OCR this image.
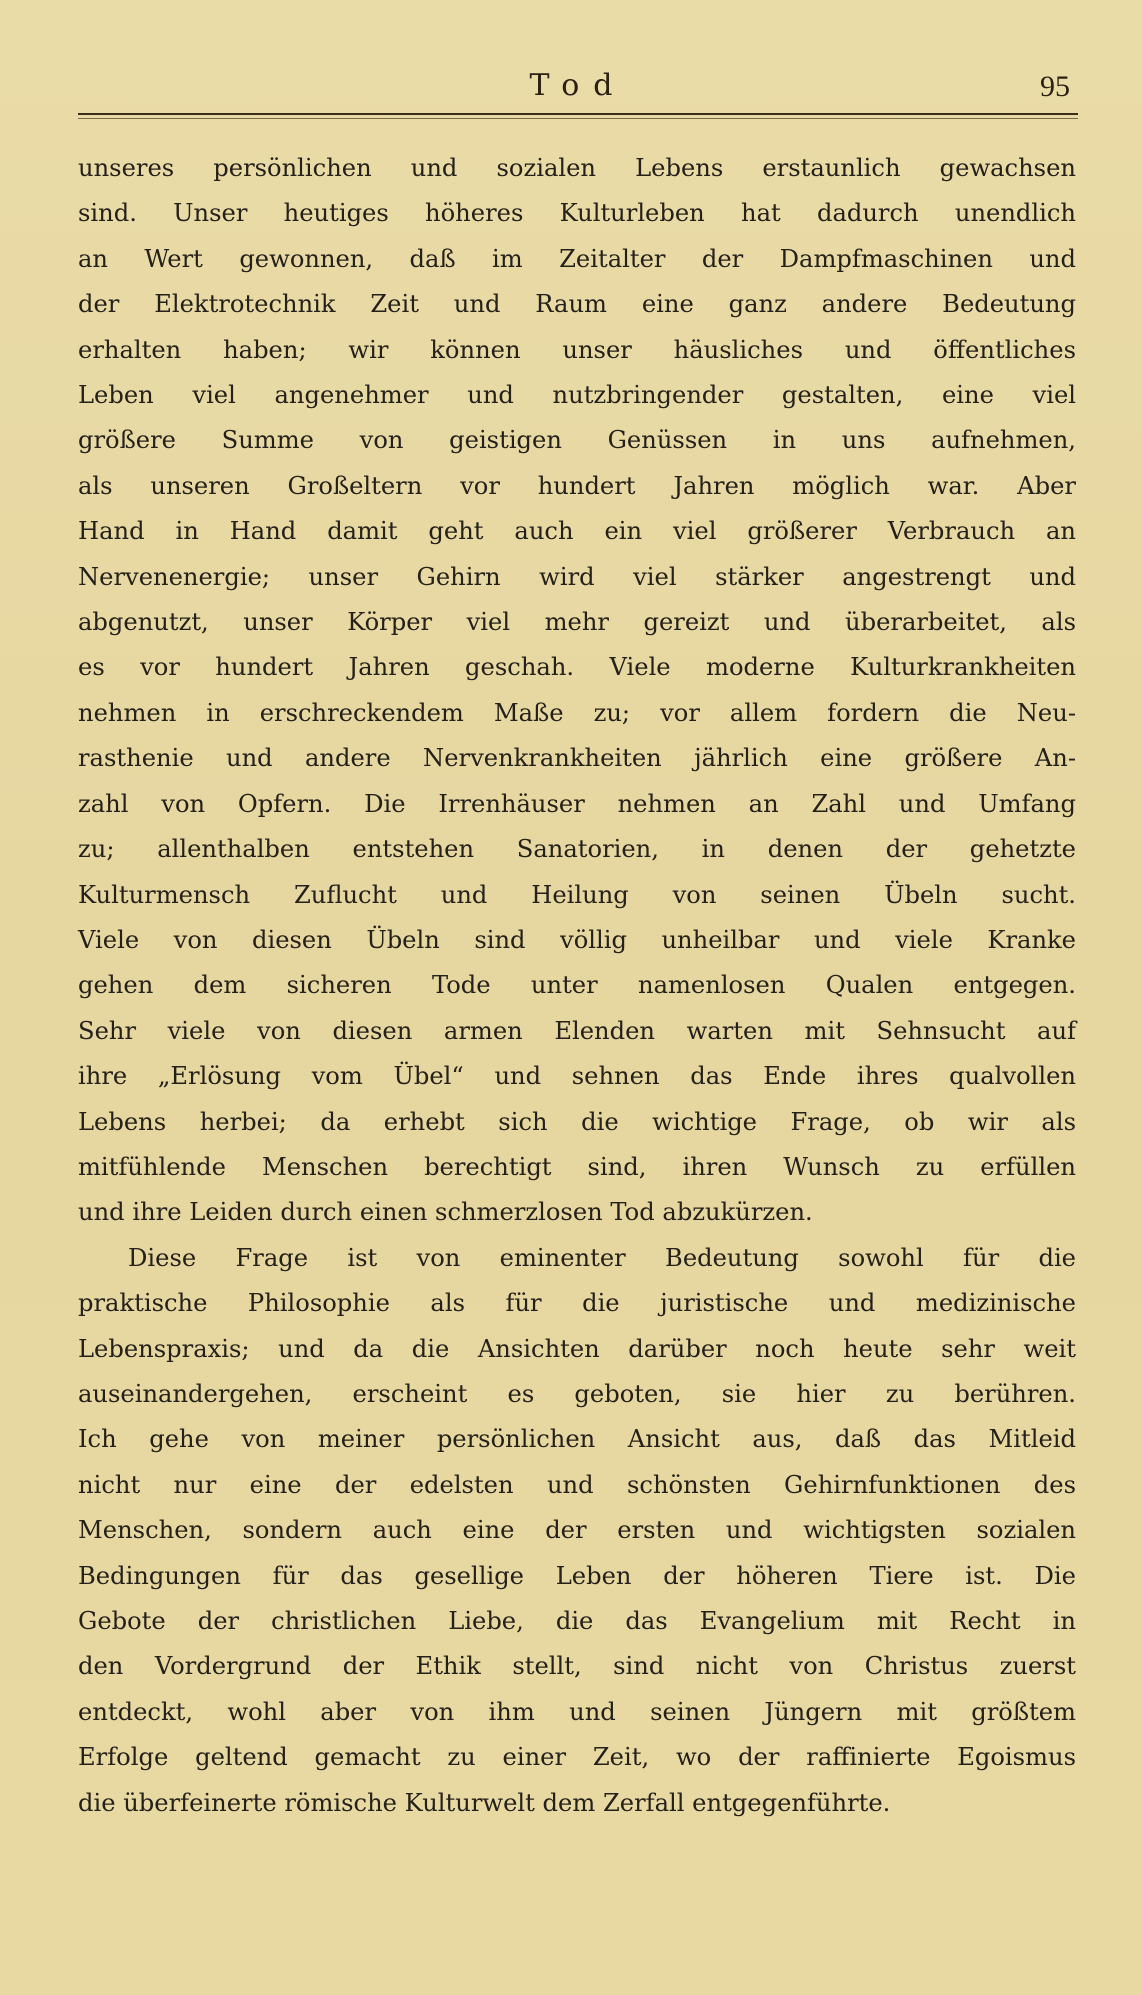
Tod	95
unseres persönlichen und sozialen Lebens erstaunlich gewachsen
sind. Unser heutiges höheres Kulturleben hat dadurch unendlich
an Wert gewonnen, daß im Zeitalter der Dampfmaschinen und
der Elektrotechnik Zeit und Raum eine ganz andere Bedeutung
erhalten haben; wir können unser häusliches und öffentliches
Leben viel angenehmer und nutzbringender gestalten, eine viel
größere Summe von geistigen Genüssen in uns aufnehmen,
als unseren Großeltern vor hundert Jahren möglich war. Aber
Hand in Hand damit geht auch ein viel größerer Verbrauch an
Nervenenergie; unser Gehirn wird viel stärker angestrengt und
abgenutzt, unser Körper viel mehr gereizt und überarbeitet, als
es vor hundert Jahren geschah. Viele moderne Kulturkrankheiten
nehmen in erschreckendem Maße zu; vor allem fordern die Neu-
rasthenie und andere Nervenkrankheiten jährlich eine größere An-
zahl von Opfern. Die Irrenhäuser nehmen an Zahl und Umfang
zu; allenthalben entstehen Sanatorien, in denen der gehetzte
Kulturmensch Zuflucht und Heilung von seinen Übeln sucht.
Viele von diesen Übeln sind völlig unheilbar und viele Kranke
gehen dem sicheren Tode unter namenlosen Qualen entgegen.
Sehr viele von diesen armen Elenden warten mit Sehnsucht auf
ihre „Erlösung vom Übel“ und sehnen das Ende ihres qualvollen
Lebens herbei; da erhebt sich die wichtige Frage, ob wir als
mitfühlende Menschen berechtigt sind, ihren Wunsch zu erfüllen
und ihre Leiden durch einen schmerzlosen Tod abzukürzen.
Diese Frage ist von eminenter Bedeutung sowohl für die
praktische Philosophie als für die juristische und medizinische
Lebenspraxis; und da die Ansichten darüber noch heute sehr weit
auseinandergehen, erscheint es geboten, sie hier zu berühren.
Ich gehe von meiner persönlichen Ansicht aus, daß das Mitleid
nicht nur eine der edelsten und schönsten Gehirnfunktionen des
Menschen, sondern auch eine der ersten und wichtigsten sozialen
Bedingungen für das gesellige Leben der höheren Tiere ist. Die
Gebote der christlichen Liebe, die das Evangelium mit Recht in
den Vordergrund der Ethik stellt, sind nicht von Christus zuerst
entdeckt, wohl aber von ihm und seinen Jüngern mit größtem
Erfolge geltend gemacht zu einer Zeit, wo der raffinierte Egoismus
die überfeinerte römische Kulturwelt dem Zerfall entgegenführte.
